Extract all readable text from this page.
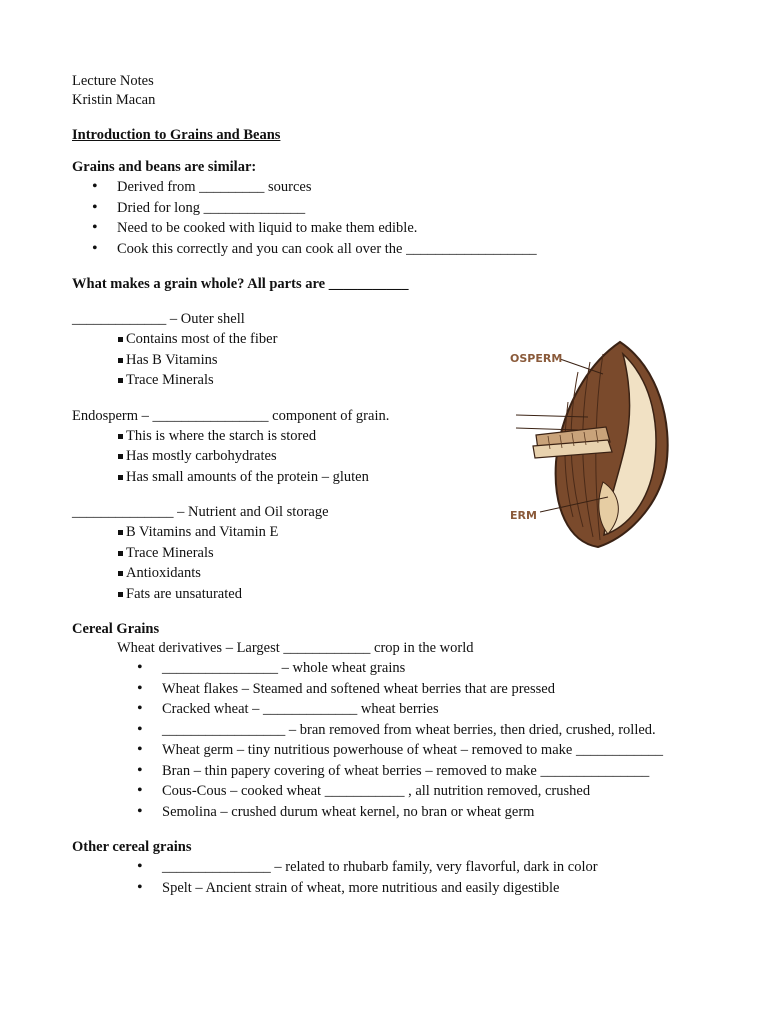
Lecture Notes
Kristin Macan
Introduction to Grains and Beans
Grains and beans are similar:
• Derived from _________ sources
• Dried for long ______________
• Need to be cooked with liquid to make them edible.
• Cook this correctly and you can cook all over the __________________
What makes a grain whole? All parts are ___________
_____________ – Outer shell
Contains most of the fiber
Has B Vitamins
Trace Minerals
Endosperm – ________________ component of grain.
This is where the starch is stored
Has mostly carbohydrates
Has small amounts of the protein – gluten
______________ – Nutrient and Oil storage
B Vitamins and Vitamin E
Trace Minerals
Antioxidants
Fats are unsaturated
Cereal Grains
Wheat derivatives – Largest ____________ crop in the world
• ________________ – whole wheat grains
• Wheat flakes – Steamed and softened wheat berries that are pressed
• Cracked wheat – _____________ wheat berries
• _________________ – bran removed from wheat berries, then dried, crushed, rolled.
• Wheat germ – tiny nutritious powerhouse of wheat – removed to make ____________
• Bran – thin papery covering of wheat berries – removed to make _______________
• Cous-Cous – cooked wheat ___________ , all nutrition removed, crushed
• Semolina – crushed durum wheat kernel, no bran or wheat germ
Other cereal grains
• _______________ – related to rhubarb family, very flavorful, dark in color
• Spelt – Ancient strain of wheat, more nutritious and easily digestible
OSPERM
ERM
